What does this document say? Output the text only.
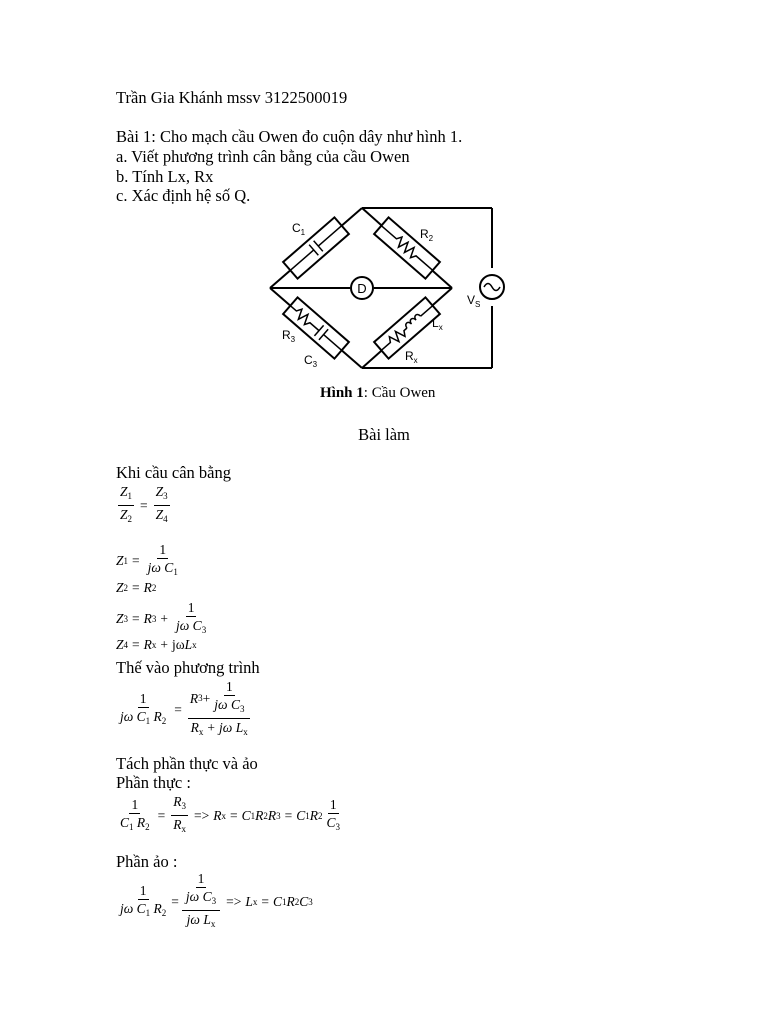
Trần Gia Khánh mssv 3122500019
Bài 1: Cho mạch cầu Owen đo cuộn dây như hình 1.
a. Viết phương trình cân bằng của cầu Owen
b. Tính Lx, Rx
c. Xác định hệ số Q.
D
$C_1$	$R_2$
$R_3$
$C_3$
$L_x$
$R_x$
$V_S$
Hình 1: Cầu Owen
Bài làm
Khi cầu cân bằng
$\frac{Z_1}{Z_2} = \frac{Z_3}{Z_4}$
Z $1 = \frac{1}{j\omega C_1}$
Z 2 = R 2
Z 3 = R $3 + \frac{1}{j\omega C_3}$
Z 4 = R x + jω L x
Thế vào phương trình
$\frac{1}{j\omega C_1 R_2} = \frac{R 3 + \frac{1}{j\omega C_3}}{R_x + j\omega L_x}$
Tách phần thực và ảo
Phần thực :
$\frac{1}{C_1 R_2} = \frac{R_3}{R_x} => R$ x = C 1 R 2 R 3 = C 1 R $2 \frac{1}{C_3}$
Phần ảo :
$\frac{1}{j\omega C_1 R_2} = \frac{\frac{1}{j\omega C_3}}{j\omega L_x} => L$ x = C 1 R 2 C 3
